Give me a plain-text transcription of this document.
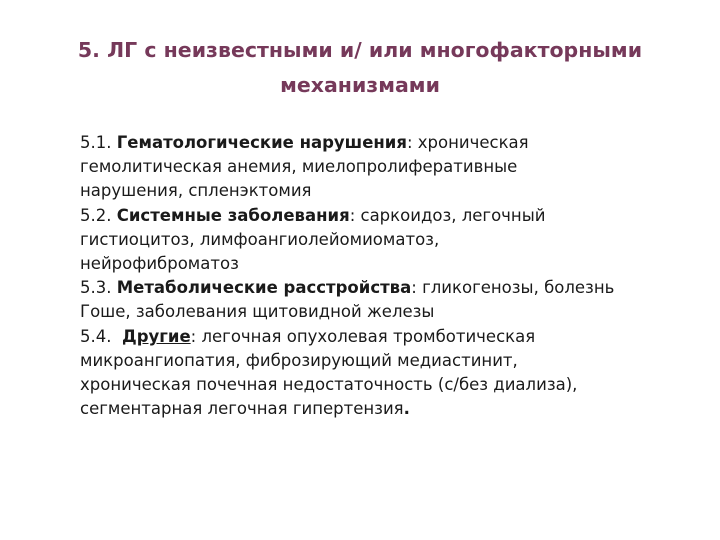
5. ЛГ с неизвестными и/ или многофакторными
механизмами
5.1. Гематологические нарушения: хроническая
гемолитическая анемия, миелопролиферативные
нарушения, спленэктомия
5.2. Системные заболевания: саркоидоз, легочный
гистиоцитоз, лимфоангиолейомиоматоз,
нейрофиброматоз
5.3. Метаболические расстройства: гликогенозы, болезнь
Гоше, заболевания щитовидной железы
5.4. Другие: легочная опухолевая тромботическая
микроангиопатия, фиброзирующий медиастинит,
хроническая почечная недостаточность (с/без диализа),
сегментарная легочная гипертензия.
